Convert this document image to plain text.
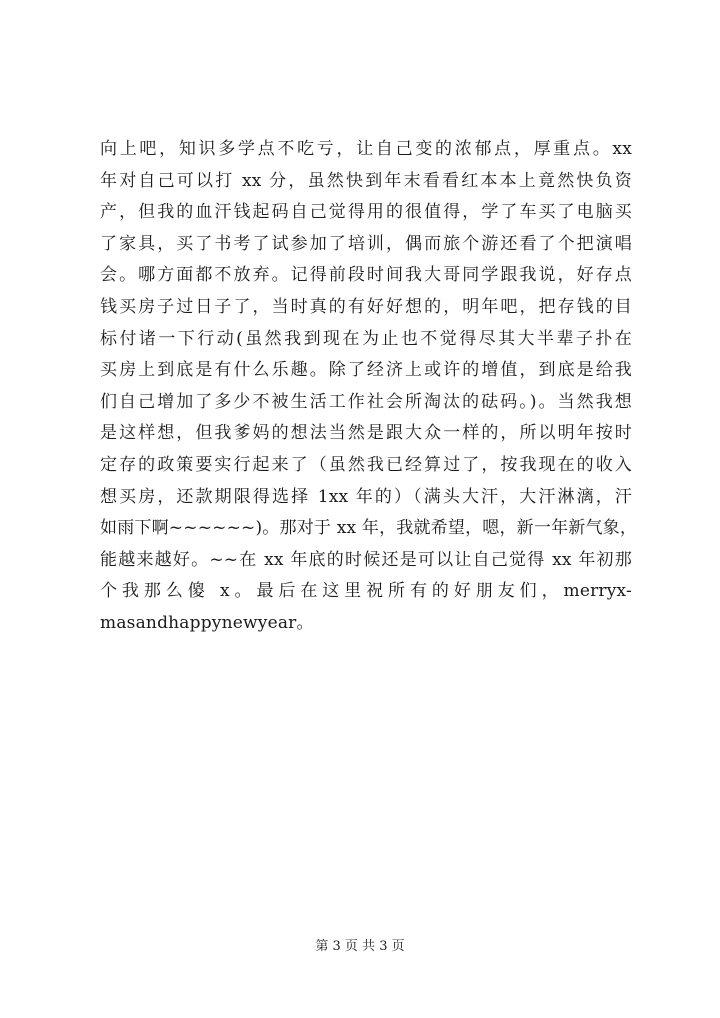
向上吧，知识多学点不吃亏，让自己变的浓郁点，厚重点。xx
年对自己可以打 xx 分，虽然快到年末看看红本本上竟然快负资
产，但我的血汗钱起码自己觉得用的很值得，学了车买了电脑买
了家具，买了书考了试参加了培训，偶而旅个游还看了个把演唱
会。哪方面都不放弃。记得前段时间我大哥同学跟我说，好存点
钱买房子过日子了，当时真的有好好想的，明年吧，把存钱的目
标付诸一下行动(虽然我到现在为止也不觉得尽其大半辈子扑在
买房上到底是有什么乐趣。除了经济上或许的增值，到底是给我
们自己增加了多少不被生活工作社会所淘汰的砝码。)。当然我想
是这样想，但我爹妈的想法当然是跟大众一样的，所以明年按时
定存的政策要实行起来了（虽然我已经算过了，按我现在的收入
想买房，还款期限得选择 1xx 年的）（满头大汗，大汗淋漓，汗
如雨下啊~~~~~~)。那对于 xx 年，我就希望，嗯，新一年新气象，
能越来越好。~~在 xx 年底的时候还是可以让自己觉得 xx 年初那
个我那么傻 x。最后在这里祝所有的好朋友们，merryx-
masandhappynewyear。
第 3 页 共 3 页
